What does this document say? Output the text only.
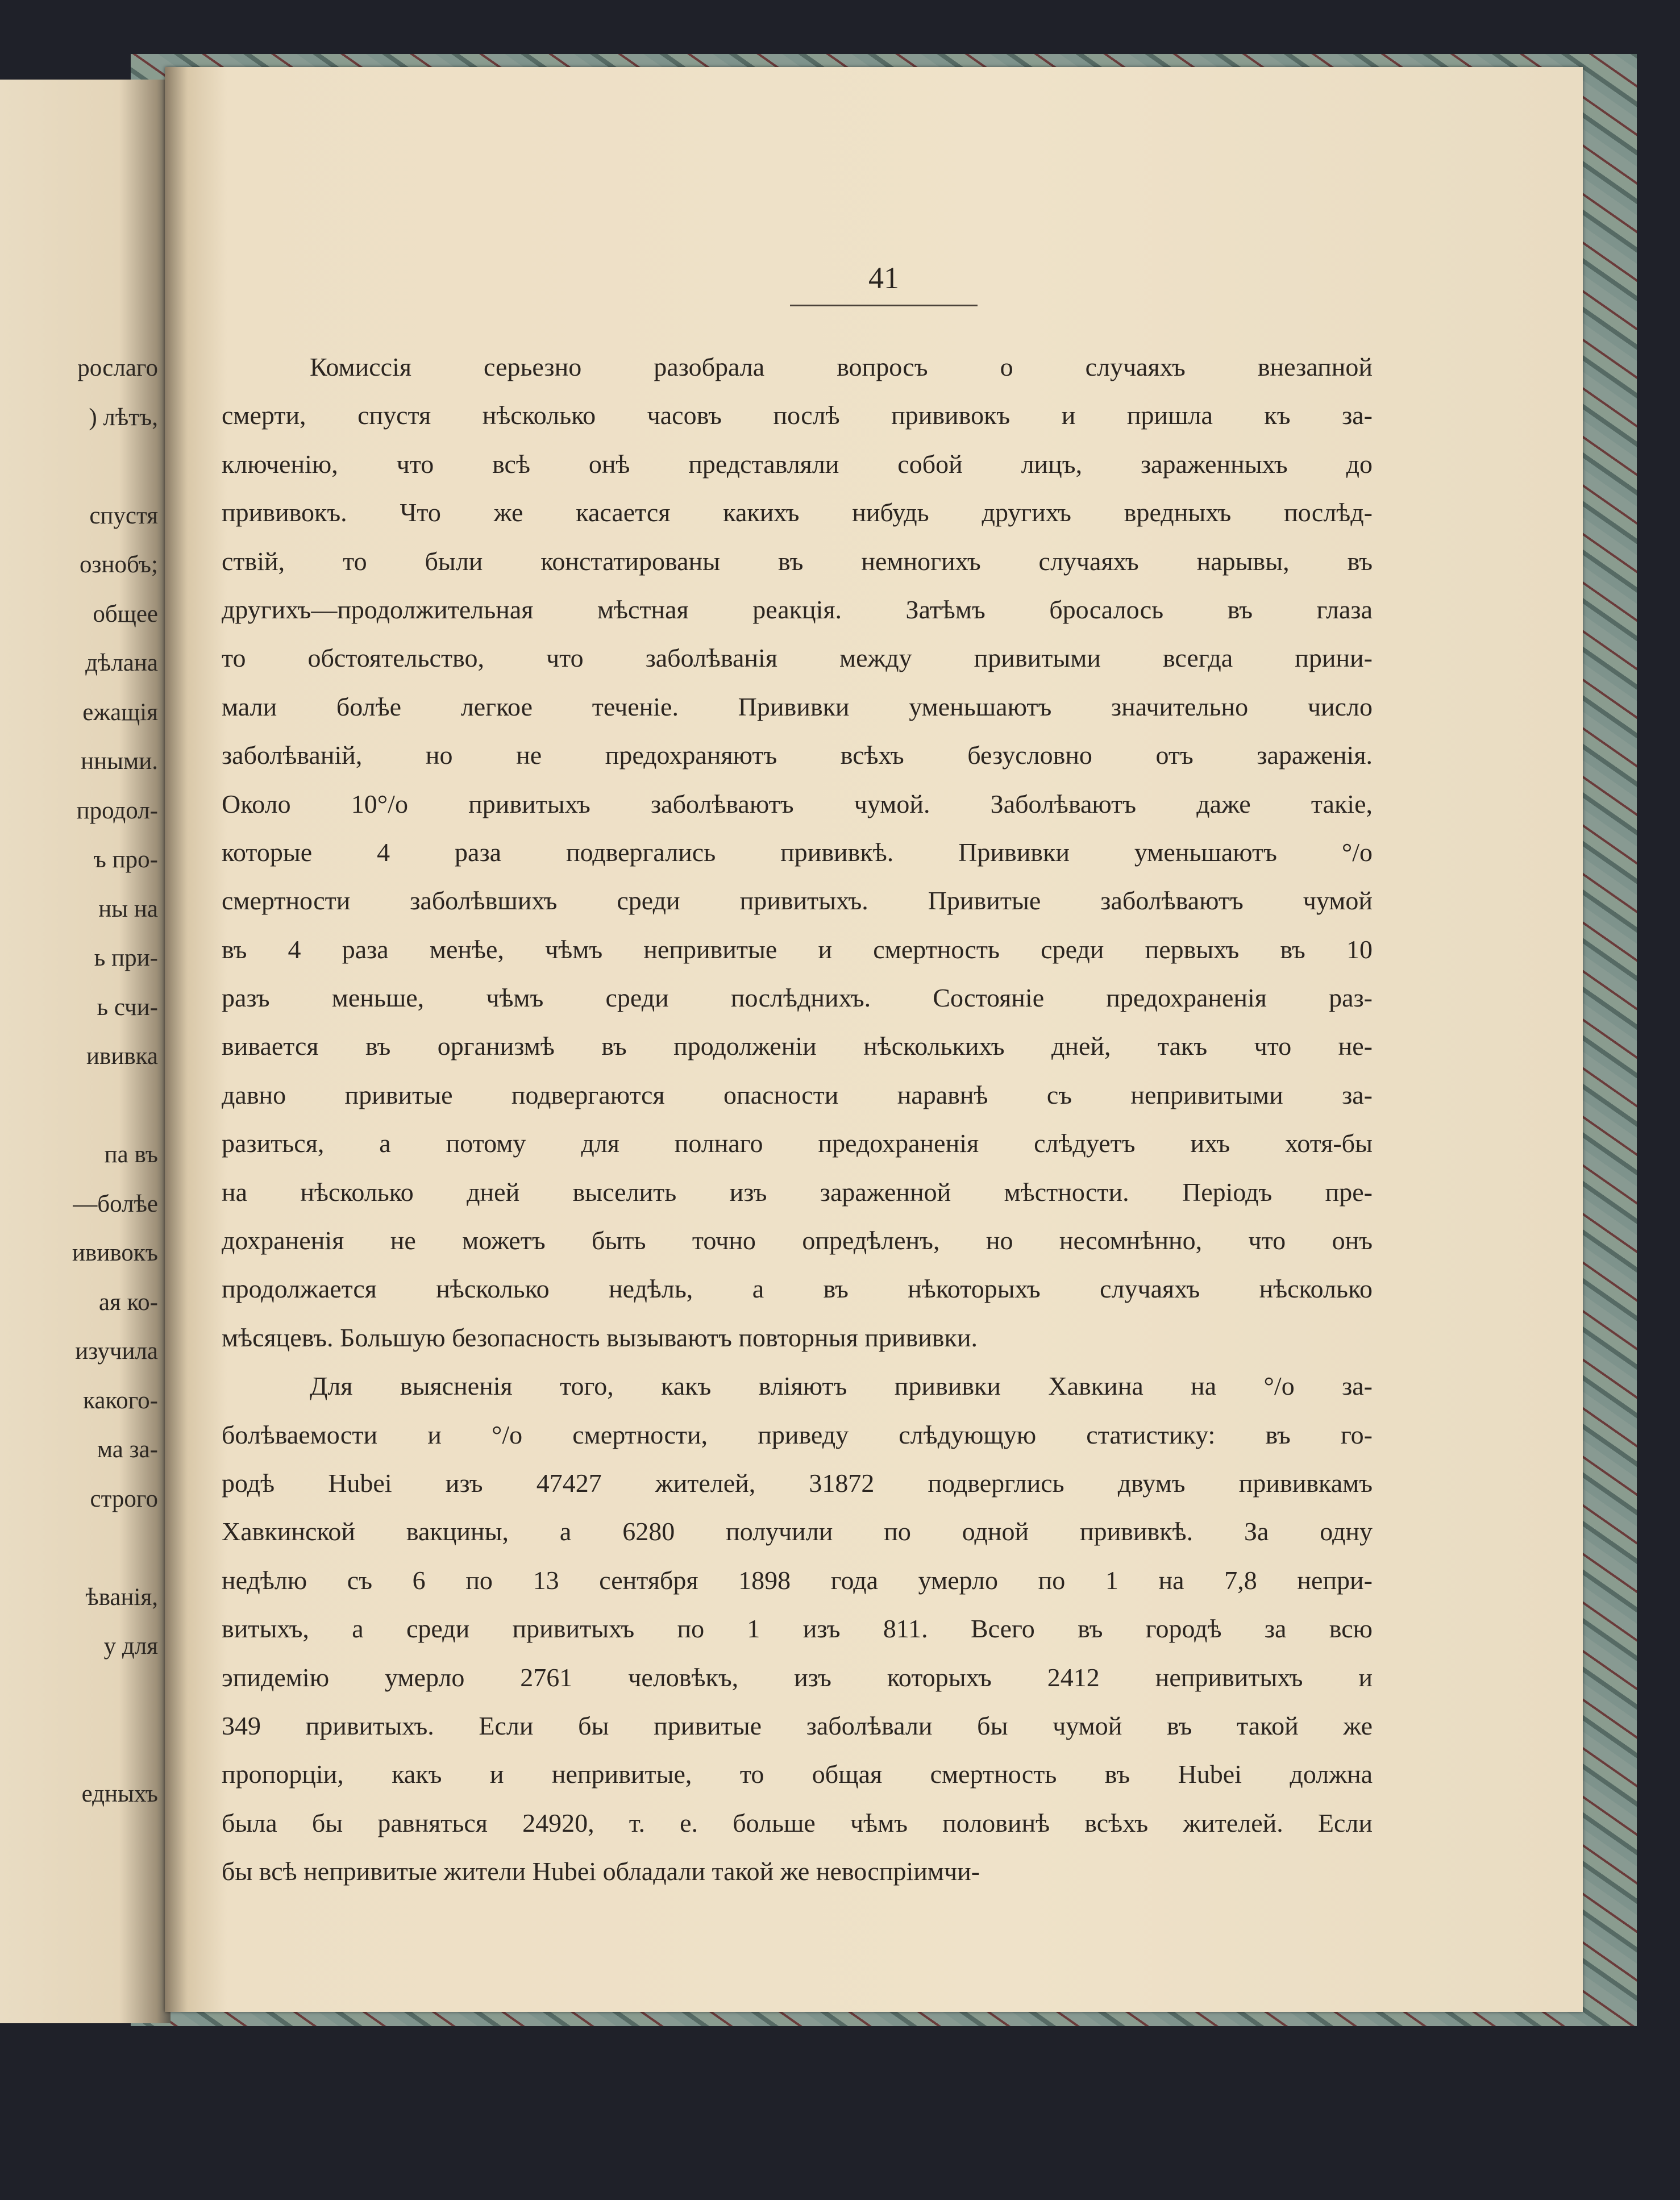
рослаго
) лѣтъ,

спустя
ознобъ;
общее
дѣлана
ежащія
нными.
продол-
ъ про-
ны на
ь при-
ь счи-
ививка

па въ
—болѣе
ививокъ
ая ко-
изучила
какого-
ма за-
строго

ѣванія,
у для

едныхъ
41
Комиссія серьезно разобрала вопросъ о случаяхъ внезапной
смерти, спустя нѣсколько часовъ послѣ прививокъ и пришла къ за-
ключенію, что всѣ онѣ представляли собой лицъ, зараженныхъ до
прививокъ. Что же касается какихъ нибудь другихъ вредныхъ послѣд-
ствій, то были констатированы въ немногихъ случаяхъ нарывы, въ
другихъ—продолжительная мѣстная реакція. Затѣмъ бросалось въ глаза
то обстоятельство, что заболѣванія между привитыми всегда прини-
мали болѣе легкое теченіе. Прививки уменьшаютъ значительно число
заболѣваній, но не предохраняютъ всѣхъ безусловно отъ зараженія.
Около 10°/o привитыхъ заболѣваютъ чумой. Заболѣваютъ даже такіе,
которые 4 раза подвергались прививкѣ. Прививки уменьшаютъ °/o
смертности заболѣвшихъ среди привитыхъ. Привитые заболѣваютъ чумой
въ 4 раза менѣе, чѣмъ непривитые и смертность среди первыхъ въ 10
разъ меньше, чѣмъ среди послѣднихъ. Состояніе предохраненія раз-
вивается въ организмѣ въ продолженіи нѣсколькихъ дней, такъ что не-
давно привитые подвергаются опасности наравнѣ съ непривитыми за-
разиться, а потому для полнаго предохраненія слѣдуетъ ихъ хотя-бы
на нѣсколько дней выселить изъ зараженной мѣстности. Періодъ пре-
дохраненія не можетъ быть точно опредѣленъ, но несомнѣнно, что онъ
продолжается нѣсколько недѣль, а въ нѣкоторыхъ случаяхъ нѣсколько
мѣсяцевъ. Большую безопасность вызываютъ повторныя прививки.
Для выясненія того, какъ вліяютъ прививки Хавкина на °/o за-
болѣваемости и °/o смертности, приведу слѣдующую статистику: въ го-
родѣ Hubei изъ 47427 жителей, 31872 подверглись двумъ прививкамъ
Хавкинской вакцины, а 6280 получили по одной прививкѣ. За одну
недѣлю съ 6 по 13 сентября 1898 года умерло по 1 на 7,8 непри-
витыхъ, а среди привитыхъ по 1 изъ 811. Всего въ городѣ за всю
эпидемію умерло 2761 человѣкъ, изъ которыхъ 2412 непривитыхъ и
349 привитыхъ. Если бы привитые заболѣвали бы чумой въ такой же
пропорціи, какъ и непривитые, то общая смертность въ Hubei должна
была бы равняться 24920, т. е. больше чѣмъ половинѣ всѣхъ жителей. Если
бы всѣ непривитые жители Hubei обладали такой же невоспріимчи-
